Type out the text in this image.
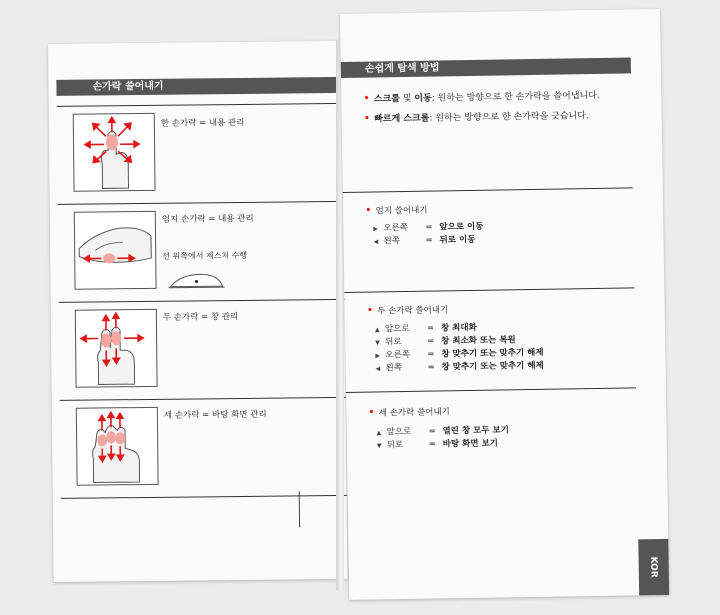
손가락 쓸어내기
한 손가락 = 내용 관리
엄지 손가락 = 내용 관리
선 위쪽에서 제스처 수행
두 손가락 = 창 관리
세 손가락 = 바탕 화면 관리
손쉽게 탐색 방법
• 스크롤 및 이동: 원하는 방향으로 한 손가락을 쓸어냅니다.
• 빠르게 스크롤: 원하는 방향으로 한 손가락을 긋습니다.
• 엄지 쓸어내기
▶ 오른쪽 = 앞으로 이동
◀ 왼쪽	= 뒤로 이동
• 두 손가락 쓸어내기
▲ 앞으로 = 창 최대화
▼ 뒤로	= 창 최소화 또는 복원
▶ 오른쪽 = 창 맞추기 또는 맞추기 해제
◀ 왼쪽	= 창 맞추기 또는 맞추기 해제
• 세 손가락 쓸어내기
▲ 앞으로 = 열린 창 모두 보기
▼ 뒤로	= 바탕 화면 보기
KOR
